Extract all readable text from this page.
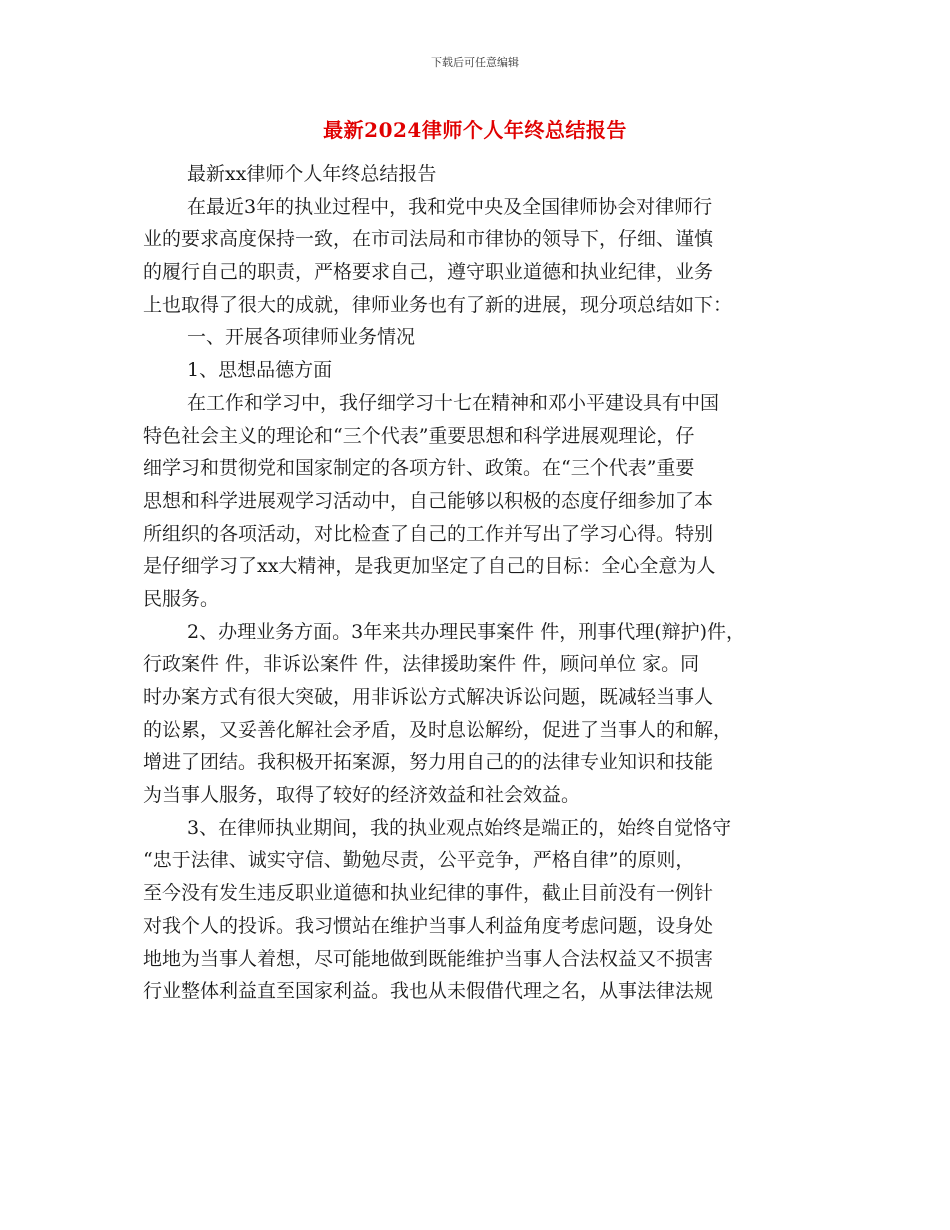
下载后可任意编辑
最新2024律师个人年终总结报告
最新xx律师个人年终总结报告
在最近3年的执业过程中，我和党中央及全国律师协会对律师行
业的要求高度保持一致，在市司法局和市律协的领导下，仔细、谨慎
的履行自己的职责，严格要求自己，遵守职业道德和执业纪律，业务
上也取得了很大的成就，律师业务也有了新的进展，现分项总结如下：
一、开展各项律师业务情况
1、思想品德方面
在工作和学习中，我仔细学习十七在精神和邓小平建设具有中国
特色社会主义的理论和“三个代表”重要思想和科学进展观理论，仔
细学习和贯彻党和国家制定的各项方针、政策。在“三个代表”重要
思想和科学进展观学习活动中，自己能够以积极的态度仔细参加了本
所组织的各项活动，对比检查了自己的工作并写出了学习心得。特别
是仔细学习了xx大精神，是我更加坚定了自己的目标：全心全意为人
民服务。
2、办理业务方面。3年来共办理民事案件 件，刑事代理(辩护)件，
行政案件 件，非诉讼案件 件，法律援助案件 件，顾问单位 家。同
时办案方式有很大突破，用非诉讼方式解决诉讼问题，既减轻当事人
的讼累，又妥善化解社会矛盾，及时息讼解纷，促进了当事人的和解，
增进了团结。我积极开拓案源，努力用自己的的法律专业知识和技能
为当事人服务，取得了较好的经济效益和社会效益。
3、在律师执业期间，我的执业观点始终是端正的，始终自觉恪守
“忠于法律、诚实守信、勤勉尽责，公平竞争，严格自律”的原则，
至今没有发生违反职业道德和执业纪律的事件，截止目前没有一例针
对我个人的投诉。我习惯站在维护当事人利益角度考虑问题，设身处
地地为当事人着想，尽可能地做到既能维护当事人合法权益又不损害
行业整体利益直至国家利益。我也从未假借代理之名，从事法律法规
